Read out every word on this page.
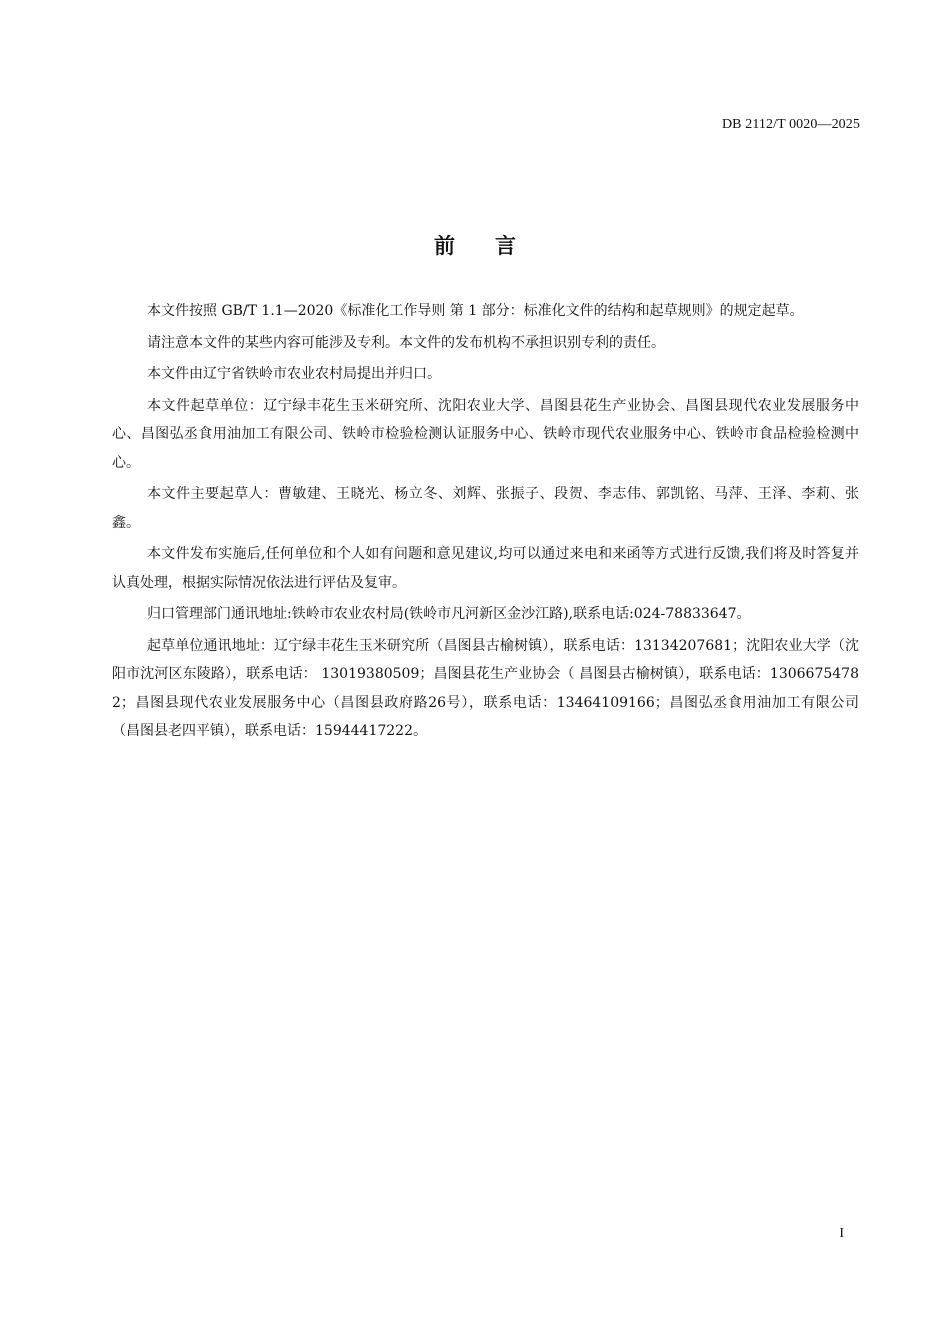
DB 2112/T 0020—2025
前言

本文件按照 GB/T 1.1—2020《标准化工作导则 第 1 部分：标准化文件的结构和起草规则》的规定起草。

请注意本文件的某些内容可能涉及专利。本文件的发布机构不承担识别专利的责任。

本文件由辽宁省铁岭市农业农村局提出并归口。

本文件起草单位：辽宁绿丰花生玉米研究所、沈阳农业大学、昌图县花生产业协会、昌图县现代农业发展服务中心、昌图弘丞食用油加工有限公司、铁岭市检验检测认证服务中心、铁岭市现代农业服务中心、铁岭市食品检验检测中心。

本文件主要起草人：曹敏建、王晓光、杨立冬、刘辉、张振子、段贺、李志伟、郭凯铭、马萍、王泽、李莉、张鑫。

本文件发布实施后,任何单位和个人如有问题和意见建议,均可以通过来电和来函等方式进行反馈,我们将及时答复并认真处理，根据实际情况依法进行评估及复审。

归口管理部门通讯地址:铁岭市农业农村局(铁岭市凡河新区金沙江路),联系电话:024-78833647。

起草单位通讯地址：辽宁绿丰花生玉米研究所（昌图县古榆树镇），联系电话：13134207681；沈阳农业大学（沈阳市沈河区东陵路），联系电话： 13019380509；昌图县花生产业协会（ 昌图县古榆树镇），联系电话：13066754782；昌图县现代农业发展服务中心（昌图县政府路26号），联系电话：13464109166；昌图弘丞食用油加工有限公司（昌图县老四平镇），联系电话：15944417222。

I
